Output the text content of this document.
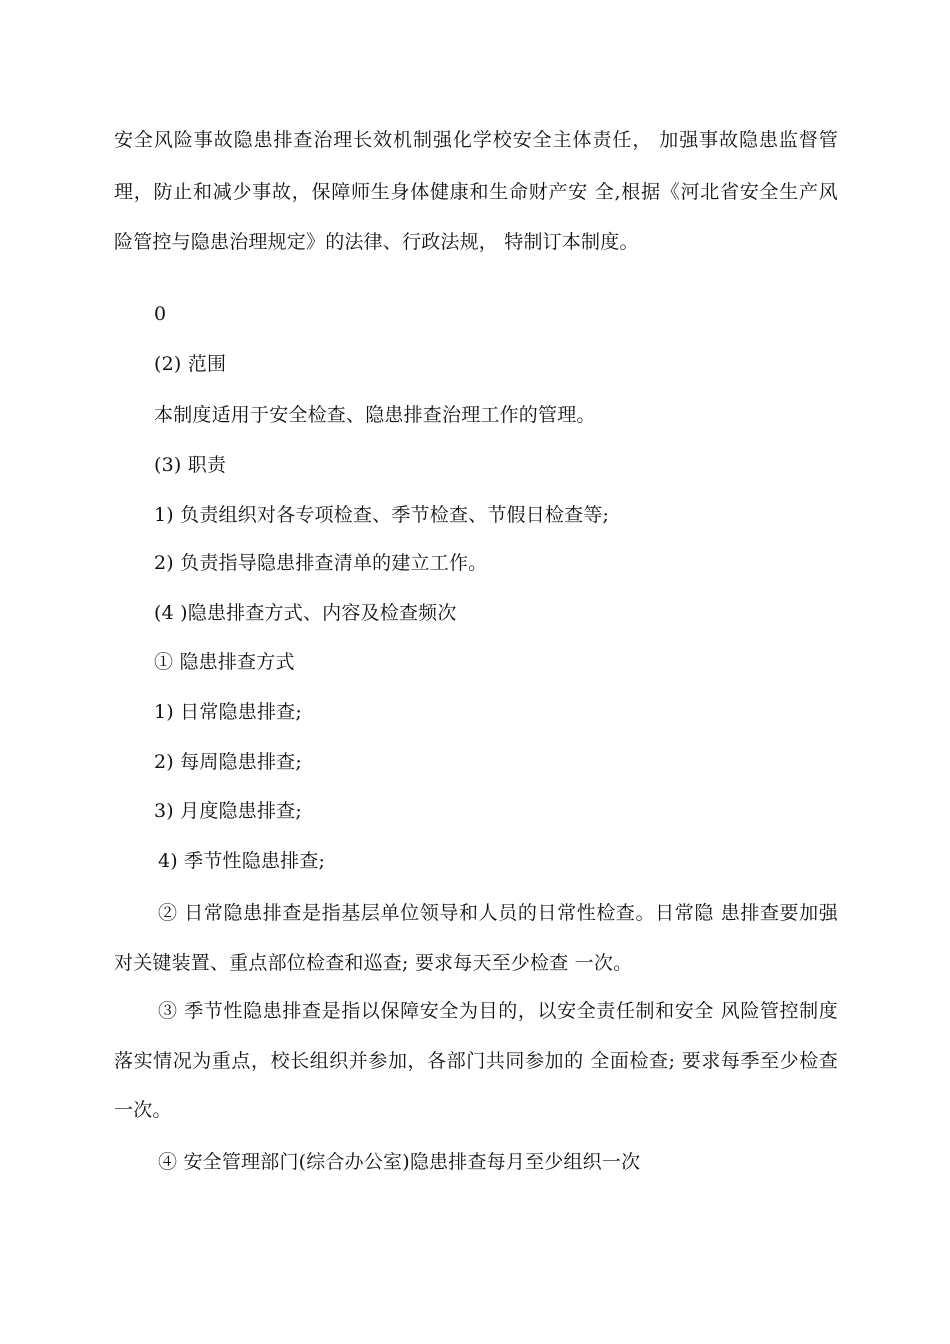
安全风险事故隐患排查治理长效机制强化学校安全主体责任， 加强事故隐患监督管
理，防止和减少事故，保障师生身体健康和生命财产安 全,根据《河北省安全生产风
险管控与隐患治理规定》的法律、行政法规， 特制订本制度。
0
(2) 范围
本制度适用于安全检查、隐患排查治理工作的管理。
(3) 职责
1) 负责组织对各专项检查、季节检查、节假日检查等;
2) 负责指导隐患排查清单的建立工作。
(4 )隐患排查方式、内容及检查频次
① 隐患排查方式
1) 日常隐患排查;
2) 每周隐患排查;
3) 月度隐患排查;
4) 季节性隐患排查;
② 日常隐患排查是指基层单位领导和人员的日常性检查。日常隐 患排查要加强
对关键装置、重点部位检查和巡查; 要求每天至少检查 一次。
③ 季节性隐患排查是指以保障安全为目的，以安全责任制和安全 风险管控制度
落实情况为重点，校长组织并参加，各部门共同参加的 全面检查; 要求每季至少检查
一次。
④ 安全管理部门(综合办公室)隐患排查每月至少组织一次
